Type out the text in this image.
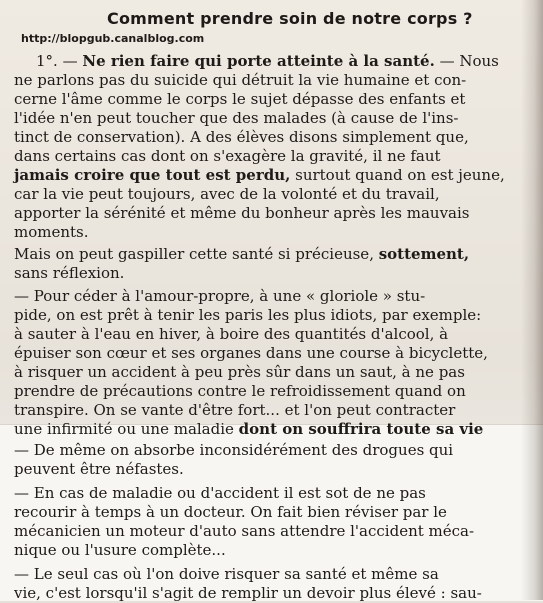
Comment prendre soin de notre corps ?
http://blopgub.canalblog.com
1°. — Ne rien faire qui porte atteinte à la santé. — Nous
ne parlons pas du suicide qui détruit la vie humaine et con-
cerne l'âme comme le corps le sujet dépasse des enfants et
l'idée n'en peut toucher que des malades (à cause de l'ins-
tinct de conservation). A des élèves disons simplement que,
dans certains cas dont on s'exagère la gravité, il ne faut
jamais croire que tout est perdu, surtout quand on est jeune,
car la vie peut toujours, avec de la volonté et du travail,
apporter la sérénité et même du bonheur après les mauvais
moments.
Mais on peut gaspiller cette santé si précieuse, sottement,
sans réflexion.
— Pour céder à l'amour-propre, à une « gloriole » stu-
pide, on est prêt à tenir les paris les plus idiots, par exemple:
à sauter à l'eau en hiver, à boire des quantités d'alcool, à
épuiser son cœur et ses organes dans une course à bicyclette,
à risquer un accident à peu près sûr dans un saut, à ne pas
prendre de précautions contre le refroidissement quand on
transpire. On se vante d'être fort... et l'on peut contracter
une infirmité ou une maladie dont on souffrira toute sa vie
— De même on absorbe inconsidérément des drogues qui
peuvent être néfastes.
— En cas de maladie ou d'accident il est sot de ne pas
recourir à temps à un docteur. On fait bien réviser par le
mécanicien un moteur d'auto sans attendre l'accident méca-
nique ou l'usure complète...
— Le seul cas où l'on doive risquer sa santé et même sa
vie, c'est lorsqu'il s'agit de remplir un devoir plus élevé : sau-
